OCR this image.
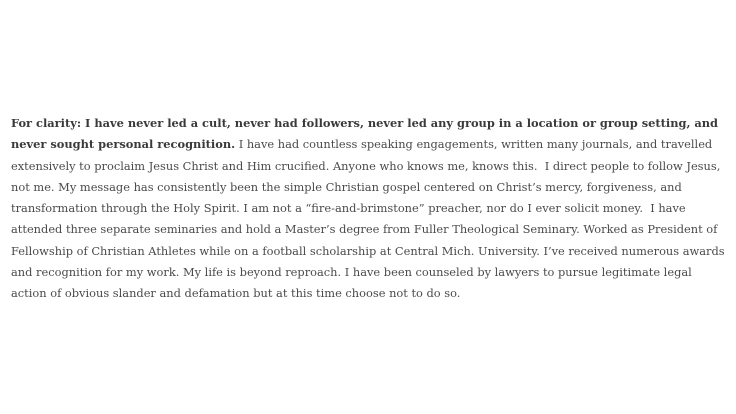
For clarity: I have never led a cult, never had followers, never led any group in a location or group setting, and never sought personal recognition. I have had countless speaking engagements, written many journals, and travelled extensively to proclaim Jesus Christ and Him crucified. Anyone who knows me, knows this.  I direct people to follow Jesus, not me. My message has consistently been the simple Christian gospel centered on Christ’s mercy, forgiveness, and transformation through the Holy Spirit. I am not a “fire-and-brimstone” preacher, nor do I ever solicit money.  I have attended three separate seminaries and hold a Master’s degree from Fuller Theological Seminary. Worked as President of Fellowship of Christian Athletes while on a football scholarship at Central Mich. University. I’ve received numerous awards and recognition for my work. My life is beyond reproach. I have been counseled by lawyers to pursue legitimate legal action of obvious slander and defamation but at this time choose not to do so.
